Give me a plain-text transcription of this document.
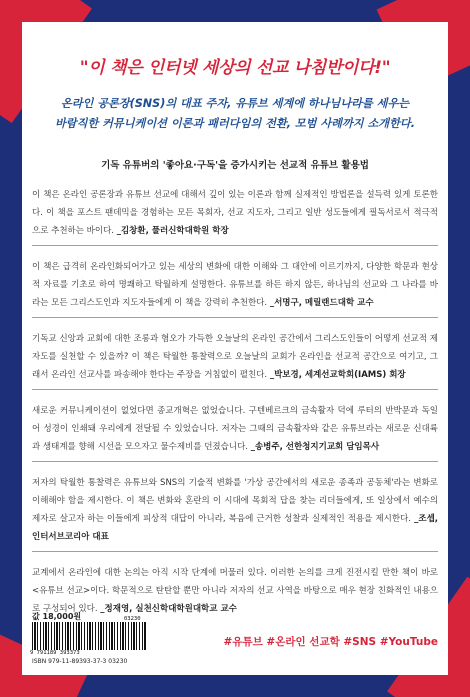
"이 책은 인터넷 세상의 선교 나침반이다!"
온라인 공론장(SNS)의 대표 주자, 유튜브 세계에 하나님나라를 세우는
바람직한 커뮤니케이션 이론과 패러다임의 전환, 모범 사례까지 소개한다.
기독 유튜버의 '좋아요·구독'을 증가시키는 선교적 유튜브 활용법
이 책은 온라인 공론장과 유튜브 선교에 대해서 깊이 있는 이론과 함께 실제적인 방법론을 설득력 있게 토론한다. 이 책을 포스트 팬데믹을 경험하는 모든 목회자, 선교 지도자, 그리고 일반 성도들에게 필독서로서 적극적으로 추천하는 바이다. _김창환, 풀러신학대학원 학장
이 책은 급격히 온라인화되어가고 있는 세상의 변화에 대한 이해와 그 대안에 이르기까지, 다양한 학문과 현상적 자료를 기초로 하여 명쾌하고 탁월하게 설명한다. 유튜브를 하든 하지 않든, 하나님의 선교와 그 나라를 바라는 모든 그리스도인과 지도자들에게 이 책을 강력히 추천한다. _서명구, 메릴랜드대학 교수
기독교 신앙과 교회에 대한 조롱과 혐오가 가득한 오늘날의 온라인 공간에서 그리스도인들이 어떻게 선교적 제자도를 실천할 수 있을까? 이 책은 탁월한 통찰력으로 오늘날의 교회가 온라인을 선교적 공간으로 여기고, 그래서 온라인 선교사를 파송해야 한다는 주장을 거침없이 펼친다. _박보경, 세계선교학회(IAMS) 회장
새로운 커뮤니케이션이 없었다면 종교개혁은 없었습니다. 구텐베르크의 금속활자 덕에 루터의 반박문과 독일어 성경이 인쇄돼 우리에게 전달될 수 있었습니다. 저자는 그때의 금속활자와 같은 유튜브라는 새로운 신대륙과 생태계를 향해 시선을 모으자고 물수제비를 던졌습니다. _송병주, 선한청지기교회 담임목사
저자의 탁월한 통찰력은 유튜브와 SNS의 기술적 변화를 '가상 공간에서의 새로운 종족과 공동체'라는 변화로 이해해야 함을 제시한다. 이 책은 변화와 혼란의 이 시대에 목회적 답을 찾는 리더들에게, 또 일상에서 예수의 제자로 살고자 하는 이들에게 피상적 대답이 아니라, 복음에 근거한 성찰과 실제적인 적용을 제시한다. _조셉, 인터서브코리아 대표
교계에서 온라인에 대한 논의는 아직 시작 단계에 머물러 있다. 이러한 논의를 크게 진전시킬 만한 책이 바로 <유튜브 선교>이다. 학문적으로 탄탄할 뿐만 아니라 저자의 선교 사역을 바탕으로 매우 현장 친화적인 내용으로 구성되어 있다. _정재영, 실천신학대학원대학교 교수
값 18,000원
9 791189 393373
03230
ISBN 979-11-89393-37-3 03230
#유튜브 #온라인 선교학 #SNS #YouTube
